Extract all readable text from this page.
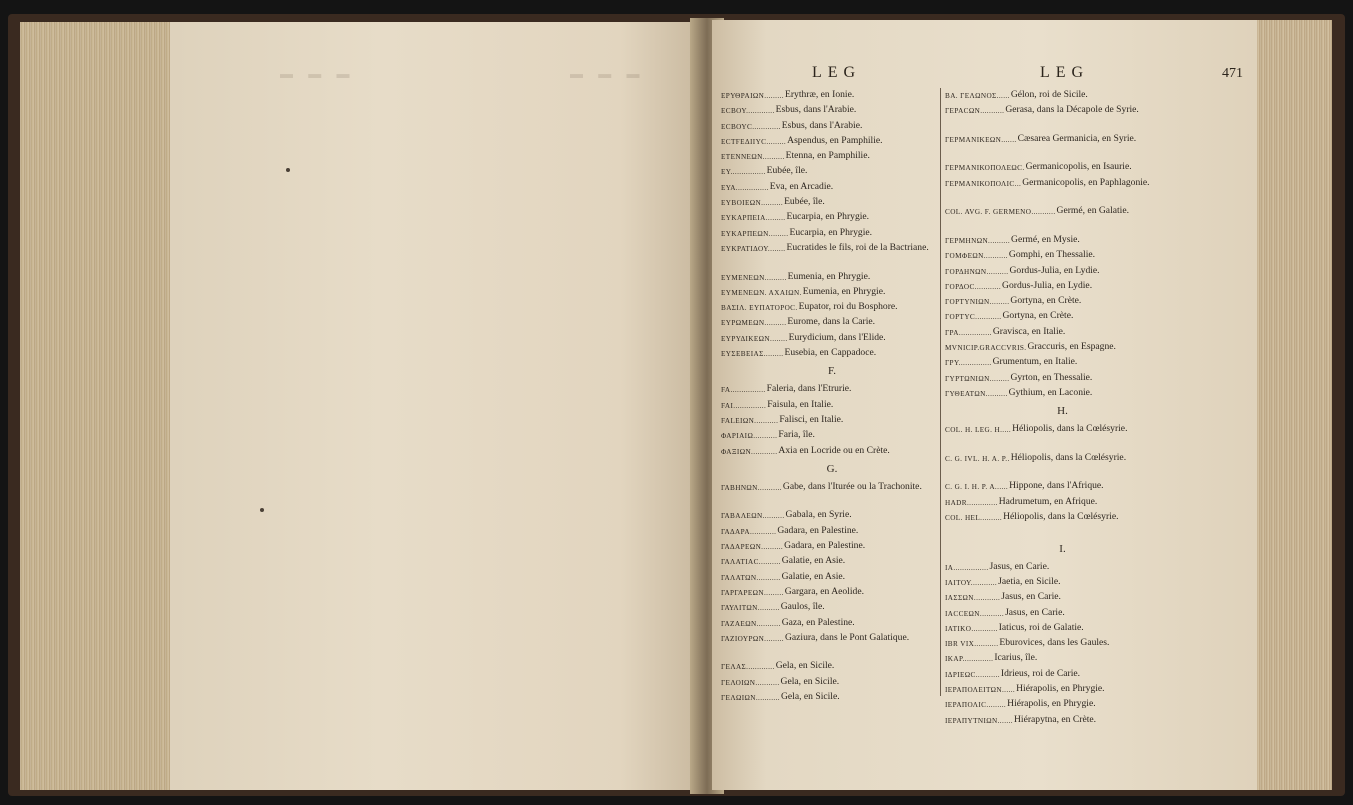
▬ ▬ ▬	▬ ▬ ▬	LEG	LEG	471
ΕΡΥΘΡΑΙΩΝ......... Erythræ, en Ionie.
ΕϹΒΟΥ............. Esbus, dans l'Arabie.
ΕϹΒΟΥϹ............. Esbus, dans l'Arabie.
ΕϹΤϜΕΔΙΙΥϹ......... Aspendus, en Pamphilie.
ΕΤΕΝΝΕΩΝ.......... Etenna, en Pamphilie.
ΕΥ................ Eubée, île.
ΕΥΑ............... Eva, en Arcadie.
ΕΥΒΟΙΕΩΝ.......... Eubée, île.
ΕΥΚΑΡΠΕΙΑ......... Eucarpia, en Phrygie.
ΕΥΚΑΡΠΕΩΝ......... Eucarpia, en Phrygie.
ΕΥΚΡΑΤΙΔΟΥ........ Eucratides le fils, roi de la Bactriane.
ΕΥΜΕΝΕΩΝ.......... Eumenia, en Phrygie.
ΕΥΜΕΝΕΩΝ. ΑΧΑΙΩΝ. Eumenia, en Phrygie.
ΒΑΣΙΛ. ΕΥΠΑΤΟΡΟϹ. Eupator, roi du Bosphore.
ΕΥΡΩΜΕΩΝ.......... Eurome, dans la Carie.
ΕΥΡΥΔΙΚΕΩΝ........ Eurydicium, dans l'Elide.
ΕΥΣΕΒΕΙΑΣ......... Eusebia, en Cappadoce.
F.
FA................ Faleria, dans l'Etrurie.
FAI............... Faisula, en Italie.
FALEIΩN........... Falisci, en Italie.
ΦΑΡΙΑΙΩ........... Faria, île.
ΦΑΞΙΩΝ............ Axia en Locride ou en Crète.
G.
ΓΑΒΗΝΩΝ........... Gabe, dans l'Iturée ou la Trachonite.
ΓΑΒΑΛΕΩΝ.......... Gabala, en Syrie.
ΓΑΔΑΡΑ............ Gadara, en Palestine.
ΓΑΔΑΡΕΩΝ.......... Gadara, en Palestine.
ΓΑΛΑΤΙΑϹ.......... Galatie, en Asie.
ΓΑΛΑΤΩΝ........... Galatie, en Asie.
ΓΑΡΓΑΡΕΩΝ......... Gargara, en Aeolide.
ΓΑΥΛΙΤΩΝ.......... Gaulos, île.
ΓΑΖΑΕΩΝ........... Gaza, en Palestine.
ΓΑΖΙΟΥΡΩΝ......... Gaziura, dans le Pont Galatique.
ΓΕΛΑΣ............. Gela, en Sicile.
ΓΕΛΟΙΩΝ........... Gela, en Sicile.
ΓΕΛΩΙΩΝ........... Gela, en Sicile.
ΒΑ. ΓΕΛΩΝΟΣ...... Gélon, roi de Sicile.
ΓΕΡΑϹΩΝ........... Gerasa, dans la Décapole de Syrie.
ΓΕΡΜΑΝΙΚΕΩΝ....... Cæsarea Germanicia, en Syrie.
ΓΕΡΜΑΝΙΚΟΠΟΛΕΩϹ. Germanicopolis, en Isaurie.
ΓΕΡΜΑΝΙΚΟΠΟΛΙϹ... Germanicopolis, en Paphlagonie.
COL. AVG. F. GERMENO........... Germé, en Galatie.
ΓΕΡΜΗΝΩΝ.......... Germé, en Mysie.
ΓΟΜΦΕΩΝ........... Gomphi, en Thessalie.
ΓΟΡΔΗΝΩΝ.......... Gordus-Julia, en Lydie.
ΓΟΡΔΟϹ............ Gordus-Julia, en Lydie.
ΓΟΡΤΥΝΙΩΝ......... Gortyna, en Crète.
ΓΟΡΤΥϹ............ Gortyna, en Crète.
ΓΡΑ............... Gravisca, en Italie.
MVNICIP.GRACCVRIS. Graccuris, en Espagne.
ΓΡΥ............... Grumentum, en Italie.
ΓΥΡΤΩΝΙΩΝ......... Gyrton, en Thessalie.
ΓΥΘΕΑΤΩΝ.......... Gythium, en Laconie.
H.
COL. H. LEG. H..... Héliopolis, dans la Cœlésyrie.
C. G. IVL. H. A. P.. Héliopolis, dans la Cœlésyrie.
C. G. I. H. P. A...... Hippone, dans l'Afrique.
HADR.............. Hadrumetum, en Afrique.
COL. HEL.......... Héliopolis, dans la Cœlésyrie.
I.
ΙΑ................ Jasus, en Carie.
ΙΑΙΤΟΥ............ Jaetia, en Sicile.
ΙΑΣΣΩΝ............ Jasus, en Carie.
ΙΑϹϹΕΩΝ........... Jasus, en Carie.
IATIKO............ Iaticus, roi de Galatie.
IBR VIX........... Eburovices, dans les Gaules.
ΙΚΑΡ.............. Icarius, île.
ΙΔΡΙΕΩϹ........... Idrieus, roi de Carie.
ΙΕΡΑΠΟΛΕΙΤΩΝ...... Hiérapolis, en Phrygie.
ΙΕΡΑΠΟΛΙϹ......... Hiérapolis, en Phrygie.
ΙΕΡΑΠΥΤΝΙΩΝ....... Hiérapytna, en Crète.
